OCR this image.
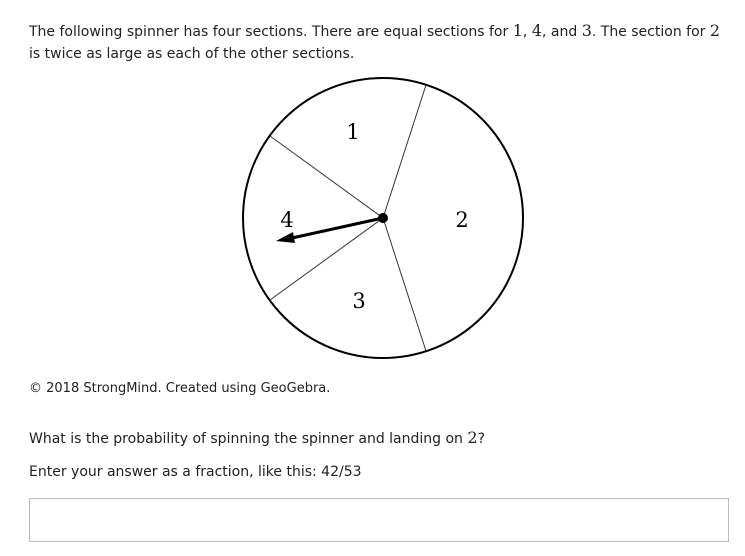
The following spinner has four sections. There are equal sections for 1, 4, and 3. The section for 2 is twice as large as each of the other sections.

1
2
3
4

© 2018 StrongMind. Created using GeoGebra.

What is the probability of spinning the spinner and landing on 2?

Enter your answer as a fraction, like this: 42/53
